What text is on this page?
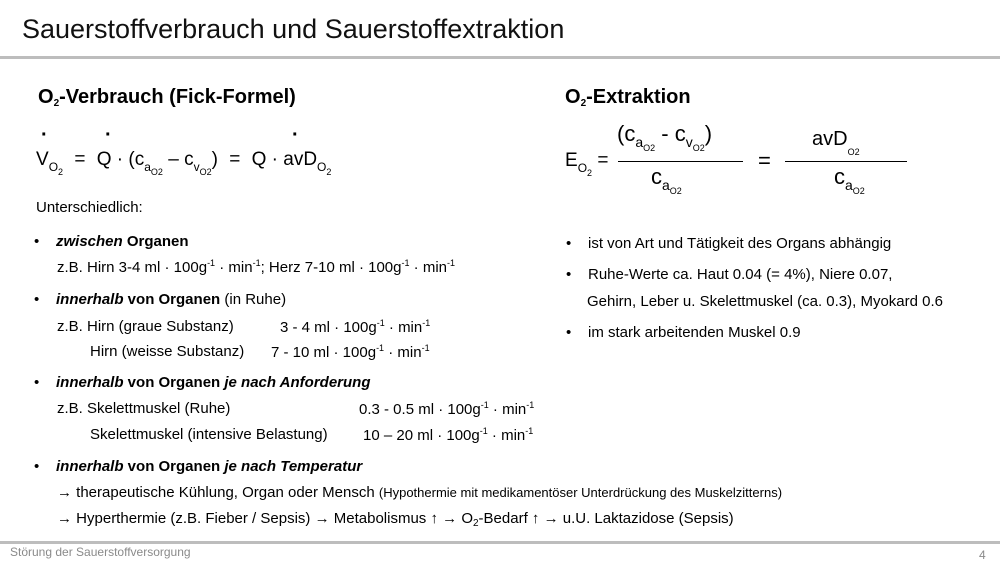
Sauerstoffverbrauch und Sauerstoffextraktion
$O_2$-Verbrauch (Fick-Formel)
·	·	·
$V_{O_2} = Q \cdot (c_{a_{O2}} - c_{v_{O2}}) = Q \cdot avD_{O_2}$
Unterschiedlich:
• zwischen Organen
z.B. Hirn 3-4 ml · $100g^{-1} \cdot \min^{-1}$; Herz 7-10 ml · $100g^{-1} \cdot \min^{-1}$
• innerhalb von Organen (in Ruhe)
z.B. Hirn (graue Substanz)	3 - 4 ml · $100g^{-1} \cdot \min^{-1}$
Hirn (weisse Substanz) 7 - 10 ml · $100g^{-1} \cdot \min^{-1}$
• innerhalb von Organen je nach Anforderung
z.B. Skelettmuskel (Ruhe)	0.3 - 0.5 ml · $100g^{-1} \cdot \min^{-1}$
Skelettmuskel (intensive Belastung) 10 – 20 ml · $100g^{-1} \cdot \min^{-1}$
• innerhalb von Organen je nach Temperatur
→ therapeutische Kühlung, Organ oder Mensch (Hypothermie mit medikamentöser Unterdrückung des Muskelzitterns)
→ Hyperthermie (z.B. Fieber / Sepsis) → Metabolismus ↑ → $O_2$-Bedarf ↑ → u.U. Laktazidose (Sepsis)
$O_2$-Extraktion
$E_{O_2}$ =
$(c_{a_{O2}} - c_{v_{O2}})$
$c_{a_{O2}}$
=
avD$_{_{O2}}$
$c_{a_{O2}}$
• ist von Art und Tätigkeit des Organs abhängig
• Ruhe-Werte ca. Haut 0.04 (= 4%), Niere 0.07,
Gehirn, Leber u. Skelettmuskel (ca. 0.3), Myokard 0.6
• im stark arbeitenden Muskel 0.9
Störung der Sauerstoffversorgung	4
